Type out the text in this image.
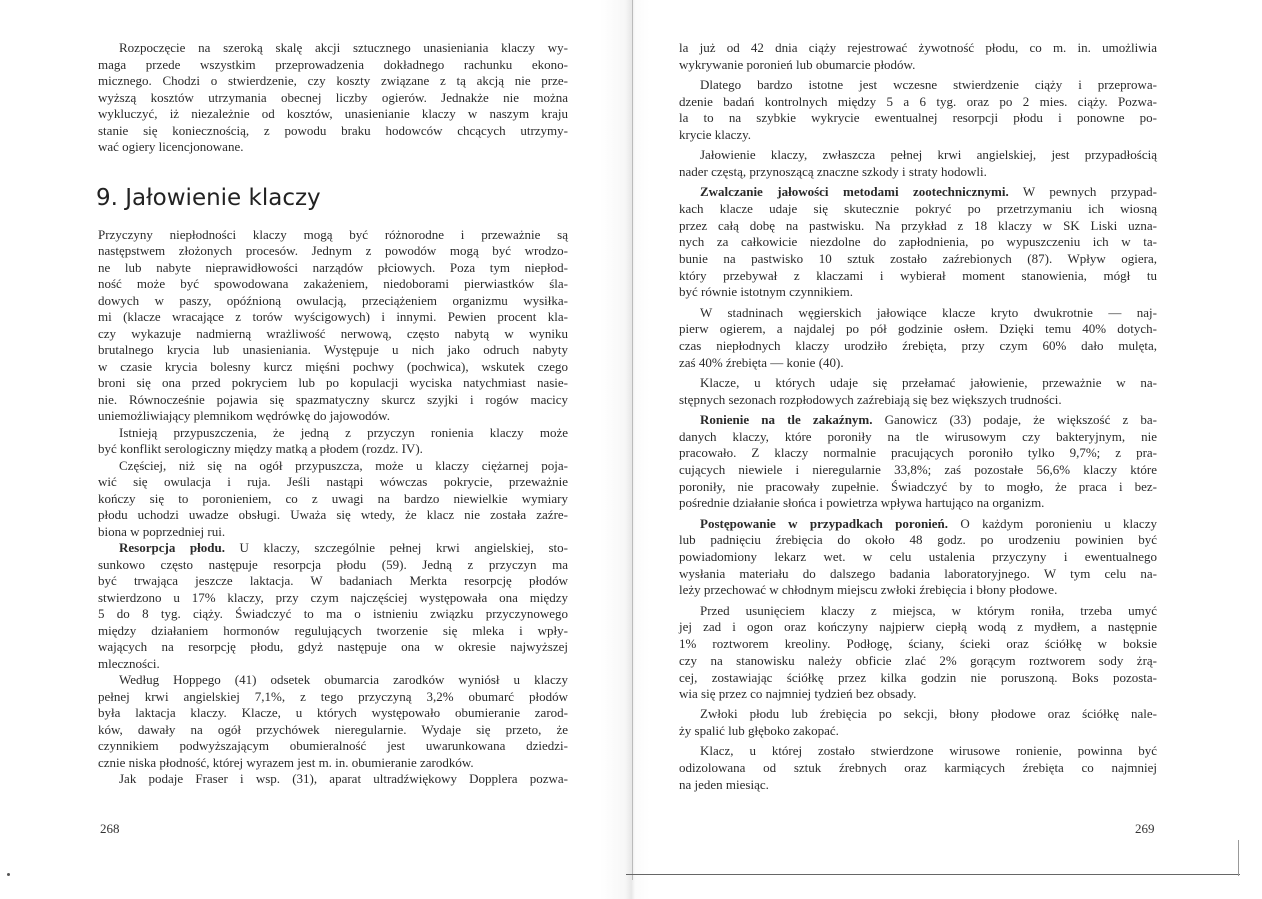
Rozpoczęcie na szeroką skalę akcji sztucznego unasieniania klaczy wy-
maga przede wszystkim przeprowadzenia dokładnego rachunku ekono-
micznego. Chodzi o stwierdzenie, czy koszty związane z tą akcją nie prze-
wyższą kosztów utrzymania obecnej liczby ogierów. Jednakże nie można
wykluczyć, iż niezależnie od kosztów, unasienianie klaczy w naszym kraju
stanie się koniecznością, z powodu braku hodowców chcących utrzymy-
wać ogiery licencjonowane.
9. Jałowienie klaczy
Przyczyny niepłodności klaczy mogą być różnorodne i przeważnie są
następstwem złożonych procesów. Jednym z powodów mogą być wrodzo-
ne lub nabyte nieprawidłowości narządów płciowych. Poza tym niepłod-
ność może być spowodowana zakażeniem, niedoborami pierwiastków śla-
dowych w paszy, opóźnioną owulacją, przeciążeniem organizmu wysiłka-
mi (klacze wracające z torów wyścigowych) i innymi. Pewien procent kla-
czy wykazuje nadmierną wrażliwość nerwową, często nabytą w wyniku
brutalnego krycia lub unasieniania. Występuje u nich jako odruch nabyty
w czasie krycia bolesny kurcz mięśni pochwy (pochwica), wskutek czego
broni się ona przed pokryciem lub po kopulacji wyciska natychmiast nasie-
nie. Równocześnie pojawia się spazmatyczny skurcz szyjki i rogów macicy
uniemożliwiający plemnikom wędrówkę do jajowodów.
Istnieją przypuszczenia, że jedną z przyczyn ronienia klaczy może
być konflikt serologiczny między matką a płodem (rozdz. IV).
Częściej, niż się na ogół przypuszcza, może u klaczy ciężarnej poja-
wić się owulacja i ruja. Jeśli nastąpi wówczas pokrycie, przeważnie
kończy się to poronieniem, co z uwagi na bardzo niewielkie wymiary
płodu uchodzi uwadze obsługi. Uważa się wtedy, że klacz nie została zaźre-
biona w poprzedniej rui.
Resorpcja płodu. U klaczy, szczególnie pełnej krwi angielskiej, sto-
sunkowo często następuje resorpcja płodu (59). Jedną z przyczyn ma
być trwająca jeszcze laktacja. W badaniach Merkta resorpcję płodów
stwierdzono u 17% klaczy, przy czym najczęściej występowała ona między
5 do 8 tyg. ciąży. Świadczyć to ma o istnieniu związku przyczynowego
między działaniem hormonów regulujących tworzenie się mleka i wpły-
wających na resorpcję płodu, gdyż następuje ona w okresie najwyższej
mleczności.
Według Hoppego (41) odsetek obumarcia zarodków wyniósł u klaczy
pełnej krwi angielskiej 7,1%, z tego przyczyną 3,2% obumarć płodów
była laktacja klaczy. Klacze, u których występowało obumieranie zarod-
ków, dawały na ogół przychówek nieregularnie. Wydaje się przeto, że
czynnikiem podwyższającym obumieralność jest uwarunkowana dziedzi-
cznie niska płodność, której wyrazem jest m. in. obumieranie zarodków.
Jak podaje Fraser i wsp. (31), aparat ultradźwiękowy Dopplera pozwa-
la już od 42 dnia ciąży rejestrować żywotność płodu, co m. in. umożliwia
wykrywanie poronień lub obumarcie płodów.
Dlatego bardzo istotne jest wczesne stwierdzenie ciąży i przeprowa-
dzenie badań kontrolnych między 5 a 6 tyg. oraz po 2 mies. ciąży. Pozwa-
la to na szybkie wykrycie ewentualnej resorpcji płodu i ponowne po-
krycie klaczy.
Jałowienie klaczy, zwłaszcza pełnej krwi angielskiej, jest przypadłością
nader częstą, przynoszącą znaczne szkody i straty hodowli.
Zwalczanie jałowości metodami zootechnicznymi. W pewnych przypad-
kach klacze udaje się skutecznie pokryć po przetrzymaniu ich wiosną
przez całą dobę na pastwisku. Na przykład z 18 klaczy w SK Liski uzna-
nych za całkowicie niezdolne do zapłodnienia, po wypuszczeniu ich w ta-
bunie na pastwisko 10 sztuk zostało zaźrebionych (87). Wpływ ogiera,
który przebywał z klaczami i wybierał moment stanowienia, mógł tu
być równie istotnym czynnikiem.
W stadninach węgierskich jałowiące klacze kryto dwukrotnie — naj-
pierw ogierem, a najdalej po pół godzinie osłem. Dzięki temu 40% dotych-
czas niepłodnych klaczy urodziło źrebięta, przy czym 60% dało mulęta,
zaś 40% źrebięta — konie (40).
Klacze, u których udaje się przełamać jałowienie, przeważnie w na-
stępnych sezonach rozpłodowych zaźrebiają się bez większych trudności.
Ronienie na tle zakaźnym. Ganowicz (33) podaje, że większość z ba-
danych klaczy, które poroniły na tle wirusowym czy bakteryjnym, nie
pracowało. Z klaczy normalnie pracujących poroniło tylko 9,7%; z pra-
cujących niewiele i nieregularnie 33,8%; zaś pozostałe 56,6% klaczy które
poroniły, nie pracowały zupełnie. Świadczyć by to mogło, że praca i bez-
pośrednie działanie słońca i powietrza wpływa hartująco na organizm.
Postępowanie w przypadkach poronień. O każdym poronieniu u klaczy
lub padnięciu źrebięcia do około 48 godz. po urodzeniu powinien być
powiadomiony lekarz wet. w celu ustalenia przyczyny i ewentualnego
wysłania materiału do dalszego badania laboratoryjnego. W tym celu na-
leży przechować w chłodnym miejscu zwłoki źrebięcia i błony płodowe.
Przed usunięciem klaczy z miejsca, w którym roniła, trzeba umyć
jej zad i ogon oraz kończyny najpierw ciepłą wodą z mydłem, a następnie
1% roztworem kreoliny. Podłogę, ściany, ścieki oraz ściółkę w boksie
czy na stanowisku należy obficie zlać 2% gorącym roztworem sody żrą-
cej, zostawiając ściółkę przez kilka godzin nie poruszoną. Boks pozosta-
wia się przez co najmniej tydzień bez obsady.
Zwłoki płodu lub źrebięcia po sekcji, błony płodowe oraz ściółkę nale-
ży spalić lub głęboko zakopać.
Klacz, u której zostało stwierdzone wirusowe ronienie, powinna być
odizolowana od sztuk źrebnych oraz karmiących źrebięta co najmniej
na jeden miesiąc.
268	269
